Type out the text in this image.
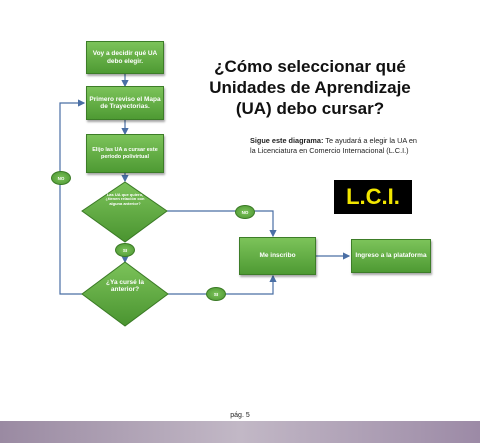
Voy a decidir qué UA debo elegir.
Primero reviso el Mapa de Trayectorias.
Elijo las UA a cursar este periodo polivirtual
Las UA que quiero, ¿tienen relación con alguna anterior?
¿Ya cursé la anterior?
Me inscribo	Ingreso a la plataforma
NO
NO
SI
SI
¿Cómo seleccionar qué Unidades de Aprendizaje (UA) debo cursar?
Sigue este diagrama: Te ayudará a elegir la UA en la Licenciatura en Comercio Internacional (L.C.I.)
L.C.I.
pág. 5
